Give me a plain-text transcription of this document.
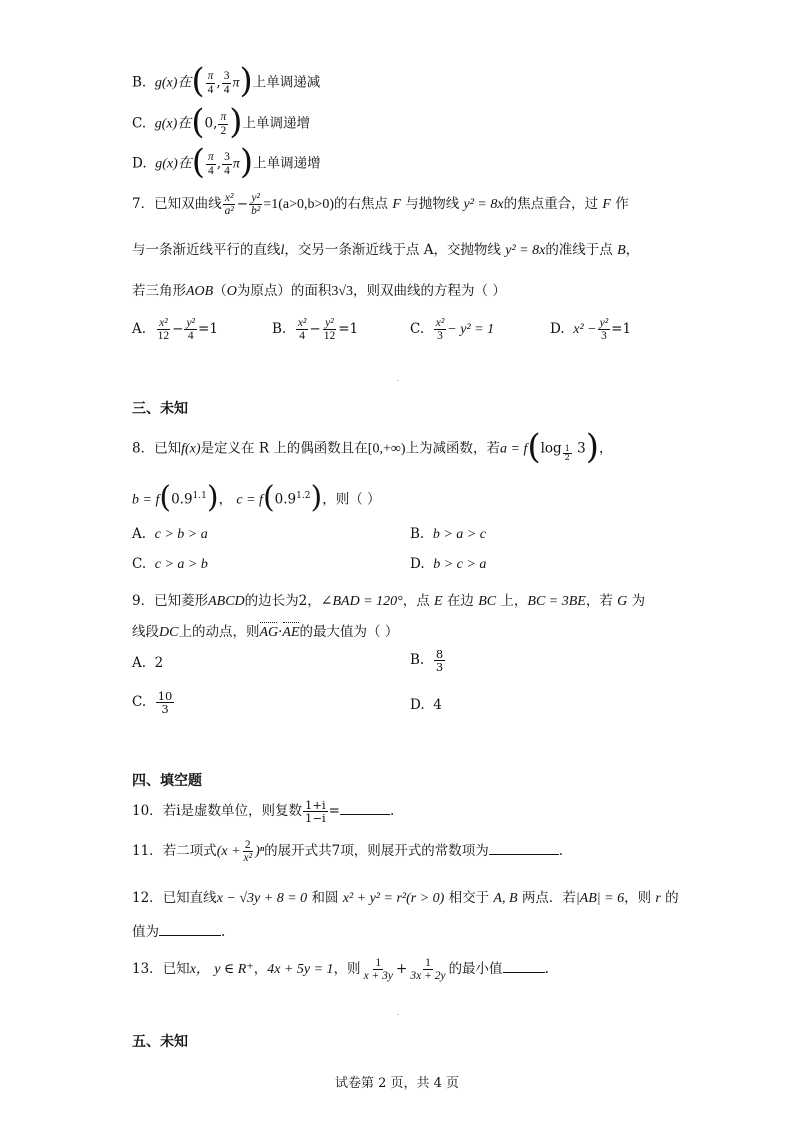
B. g(x)在( $\frac{\pi}{4}$ , $\frac{3}{4} \pi$)上单调递减
C. g(x)在(0, $\frac{\pi}{2}$ )上单调递增
D. g(x)在( $\frac{\pi}{4}$ , $\frac{3}{4} \pi$)上单调递增
7．已知双曲线 $\frac{\text{x²}}{\text{a²}} - \frac{\text{y²}}{\text{b²}} =1(a>0,b>0)$的右焦点 F 与抛物线 y² = 8x的焦点重合，过 F 作
与一条渐近线平行的直线l，交另一条渐近线于点 A，交抛物线 y² = 8x的准线于点 B，
若三角形AOB（O为原点）的面积3√3，则双曲线的方程为（ ）
A. $\frac{\text{x²}}{12} - \frac{\text{y²}}{4} =1$	B. $\frac{\text{x²}}{4} - \frac{\text{y²}}{12} =1$	C. $\frac{\text{x²}}{3} - y^2 = 1$	D. $x^2 - \frac{\text{y²}}{3} =1$
三、未知
8．已知f(x)是定义在 R 上的偶函数且在[0,+∞)上为减函数，若a = f(log $_{\frac{1}{2}}$ 3)，
$b = f(0.9^{1.1})$， $c = f(0.9^{1.2})$，则（ ）
A. c > b > a	B. b > a > c
C. c > a > b	D. b > c > a
9．已知菱形ABCD的边长为2，∠BAD = 120°，点 E 在边 BC 上，BC = 3BE，若 G 为
线段DC上的动点，则AG·AE的最大值为（ ）
A. 2	B. $\frac{8}{3}$
C. $\frac{10}{3}$	D. 4
四、填空题
10．若i是虚数单位，则复数 $\frac{1+i}{1-i}$ =	.
11．若二项式$(x + \frac{2}{\text{x²}} )^n$的展开式共7项，则展开式的常数项为	.
12．已知直线x − √3y + 8 = 0 和圆 x² + y² = r²(r > 0) 相交于 A, B 两点．若|AB| = 6，则 r 的
值为	.
13．已知x， y ∈ R⁺，4x + 5y = 1，则 $\frac{1}{x + 3y} + \frac{1}{3x + 2y}$ 的最小值	.
五、未知
试卷第 2 页，共 4 页
